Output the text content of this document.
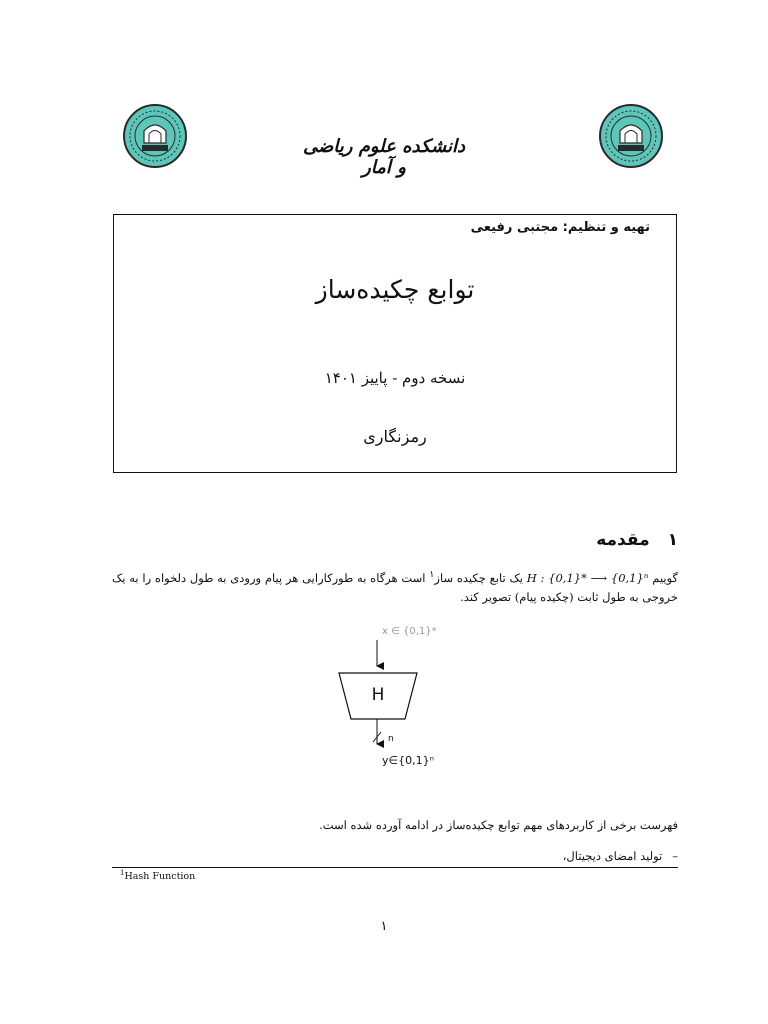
دانشکده علوم ریاضی و آمار
تهیه و تنظیم: مجتبی رفیعی
توابع چکیده‌ساز
نسخه دوم - پاییز ۱۴۰۱
رمزنگاری
۱مقدمه
گوییم H : {0,1}* ⟶ {0,1}ⁿ یک تابع چکیده ساز$^۱$ است هرگاه به طورکارایی هر پیام ورودی به طول دلخواه را به یک خروجی به طول ثابت (چکیده پیام) تصویر کند.
x ∈ {0,1}*
H
n
y∈{0,1}ⁿ
فهرست برخی از کاربردهای مهم توابع چکیده‌ساز در ادامه آورده شده است.
–تولید امضای دیجیتال،
$^1$Hash Function
۱
